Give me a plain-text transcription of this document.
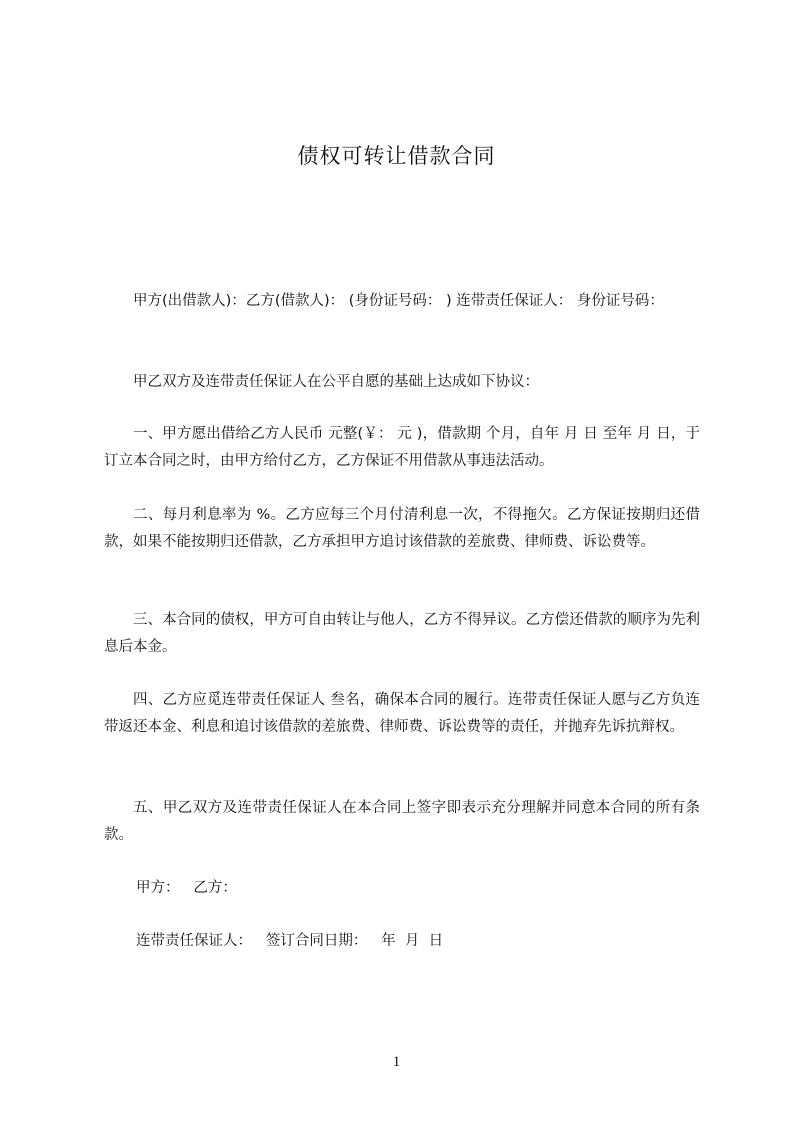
债权可转让借款合同

甲方(出借款人)：乙方(借款人)： (身份证号码： ) 连带责任保证人： 身份证号码：

甲乙双方及连带责任保证人在公平自愿的基础上达成如下协议：

一、甲方愿出借给乙方人民币 元整(￥： 元 )，借款期 个月，自年 月 日 至年 月 日，于订立本合同之时，由甲方给付乙方，乙方保证不用借款从事违法活动。

二、每月利息率为 %。乙方应每三个月付清利息一次，不得拖欠。乙方保证按期归还借款，如果不能按期归还借款，乙方承担甲方追讨该借款的差旅费、律师费、诉讼费等。

三、本合同的债权，甲方可自由转让与他人，乙方不得异议。乙方偿还借款的顺序为先利息后本金。

四、乙方应觅连带责任保证人 叁名，确保本合同的履行。连带责任保证人愿与乙方负连带返还本金、利息和追讨该借款的差旅费、律师费、诉讼费等的责任，并抛弃先诉抗辩权。

五、甲乙双方及连带责任保证人在本合同上签字即表示充分理解并同意本合同的所有条款。

甲方：   乙方：
连带责任保证人：   签订合同日期：   年  月  日
1
